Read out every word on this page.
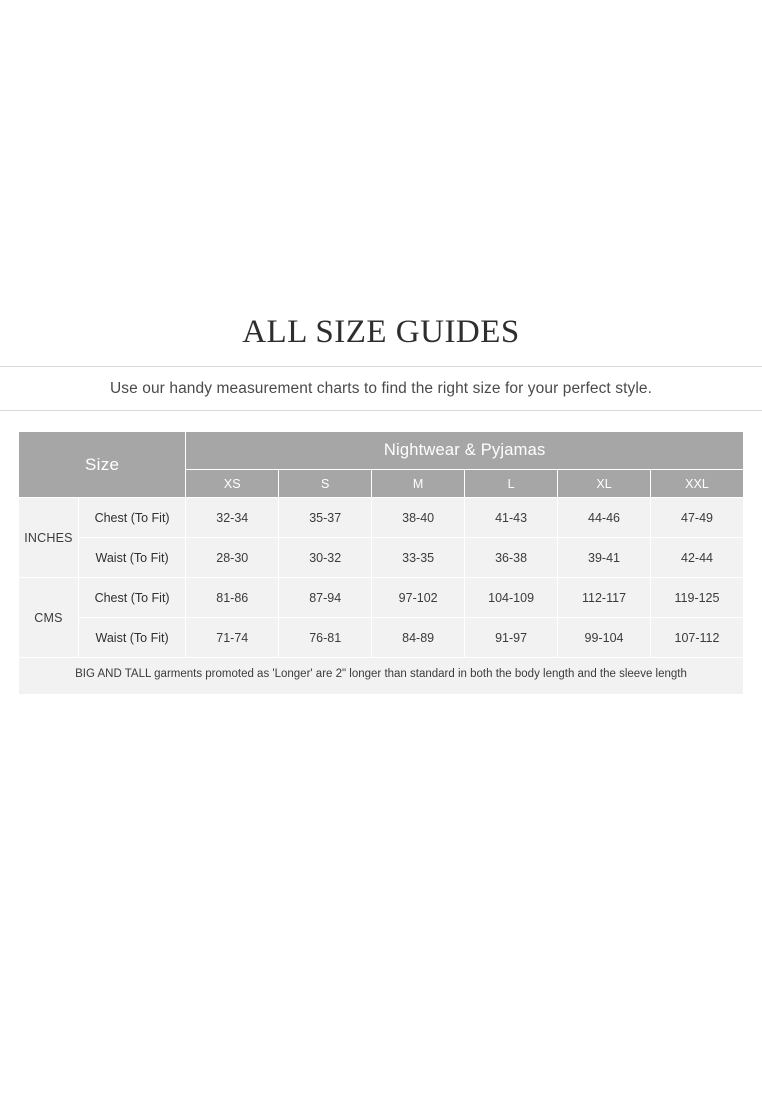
ALL SIZE GUIDES
Use our handy measurement charts to find the right size for your perfect style.
Size		Nightwear & Pyjamas					
		XS	S	M	L	XL	XXL
INCHES	Chest (To Fit)	32-34	35-37	38-40	41-43	44-46	47-49
	Waist (To Fit)	28-30	30-32	33-35	36-38	39-41	42-44
CMS	Chest (To Fit)	81-86	87-94	97-102	104-109	112-117	119-125
	Waist (To Fit)	71-74	76-81	84-89	91-97	99-104	107-112
BIG AND TALL garments promoted as 'Longer' are 2" longer than standard in both the body length and the sleeve length							
